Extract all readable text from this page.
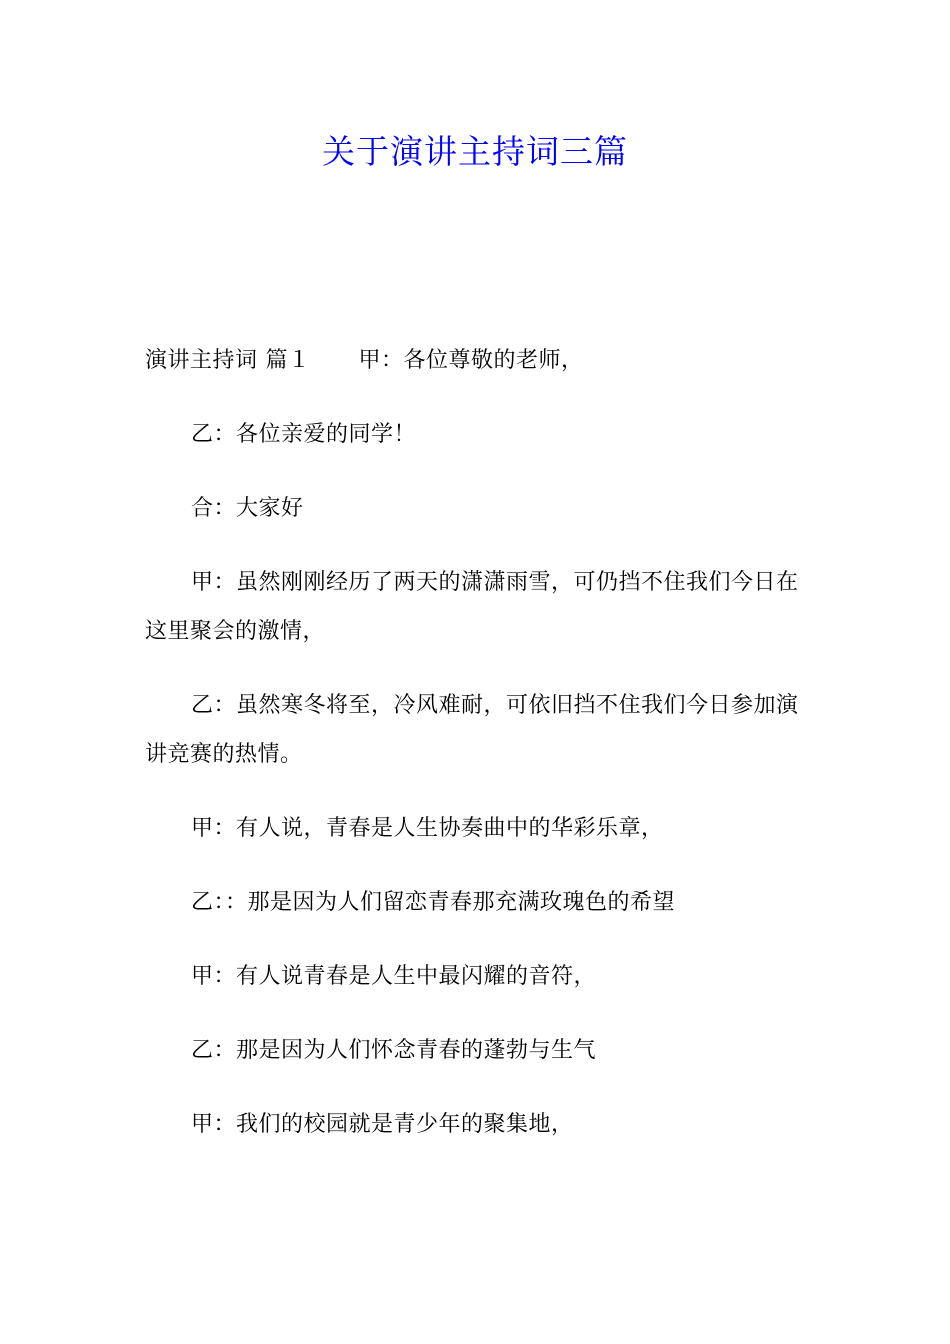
关于演讲主持词三篇

演讲主持词 篇１ 甲：各位尊敬的老师，

乙：各位亲爱的同学！

合：大家好

甲：虽然刚刚经历了两天的潇潇雨雪，可仍挡不住我们今日在这里聚会的激情，

乙：虽然寒冬将至，冷风难耐，可依旧挡不住我们今日参加演讲竞赛的热情。

甲：有人说，青春是人生协奏曲中的华彩乐章，

乙：：那是因为人们留恋青春那充满玫瑰色的希望

甲：有人说青春是人生中最闪耀的音符，

乙：那是因为人们怀念青春的蓬勃与生气

甲：我们的校园就是青少年的聚集地，
